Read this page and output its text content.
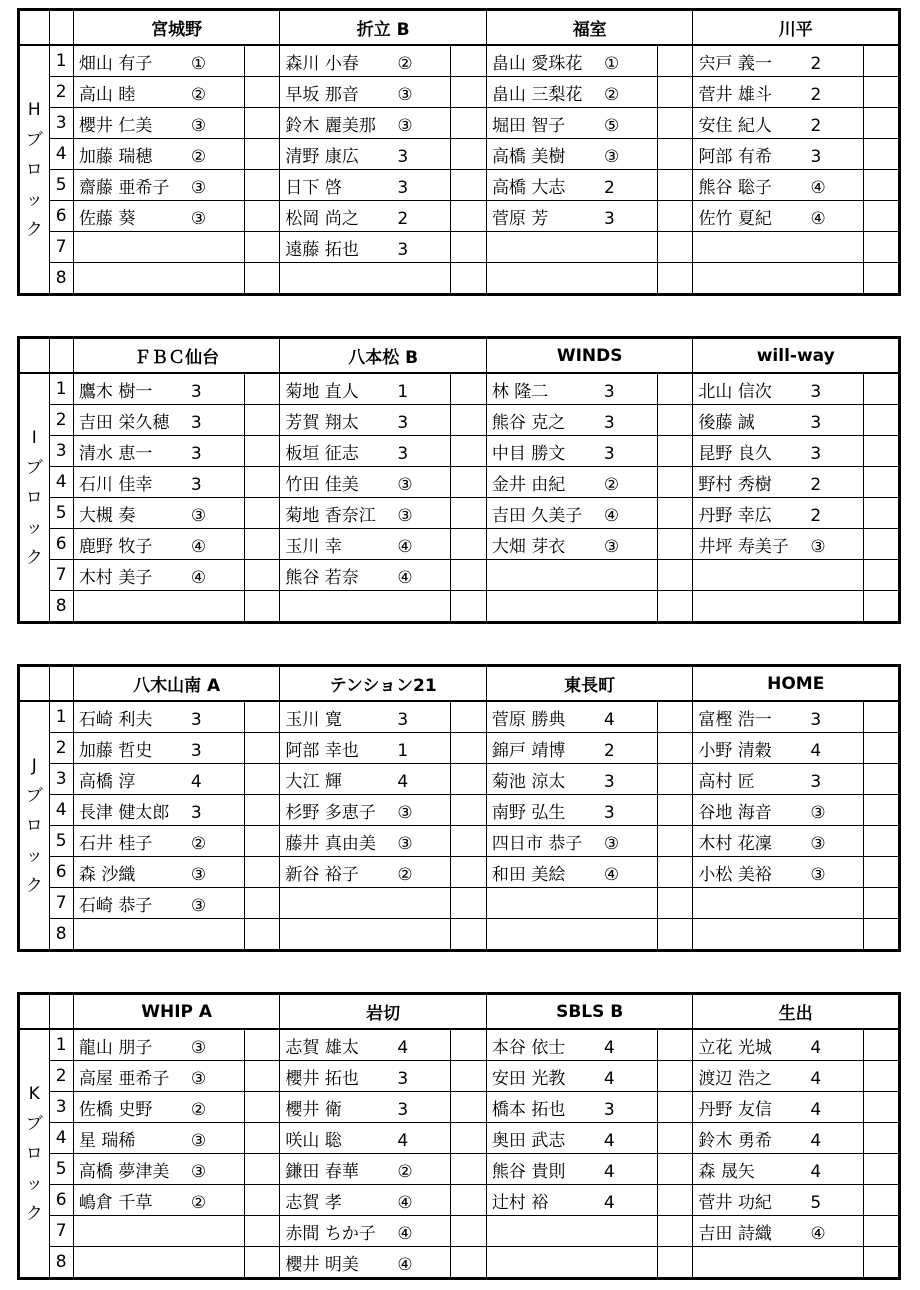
		宮城野		折立 B		福室		川平	

H
ブ
ロ
ッ
ク	1	畑山 有子 ①		森川 小春 ②		畠山 愛珠花 ①		宍戸 義一 2	
	2	高山 睦 ②		早坂 那音 ③		畠山 三梨花 ②		菅井 雄斗 2	
	3	櫻井 仁美 ③		鈴木 麗美那 ③		堀田 智子 ⑤		安住 紀人 2	
	4	加藤 瑞穂 ②		清野 康広 3		高橋 美樹 ③		阿部 有希 3	
	5	齋藤 亜希子 ③		日下 啓 3		高橋 大志 2		熊谷 聡子 ④	
	6	佐藤 葵 ③		松岡 尚之 2		菅原 芳 3		佐竹 夏紀 ④	
	7			遠藤 拓也 3					
	8								
		ＦＢＣ仙台		八本松 B		WINDS		will-way	

I
ブ
ロ
ッ
ク	1	鷹木 樹一 3		菊地 直人 1		林 隆二 3		北山 信次 3	
	2	吉田 栄久穂 3		芳賀 翔太 3		熊谷 克之 3		後藤 誠 3	
	3	清水 恵一 3		板垣 征志 3		中目 勝文 3		昆野 良久 3	
	4	石川 佳幸 3		竹田 佳美 ③		金井 由紀 ②		野村 秀樹 2	
	5	大槻 奏 ③		菊地 香奈江 ③		吉田 久美子 ④		丹野 幸広 2	
	6	鹿野 牧子 ④		玉川 幸 ④		大畑 芽衣 ③		井坪 寿美子 ③	
	7	木村 美子 ④		熊谷 若奈 ④					
	8								
		八木山南 A		テンション21		東長町		HOME	

J
ブ
ロ
ッ
ク	1	石崎 利夫 3		玉川 寛 3		菅原 勝典 4		富樫 浩一 3	
	2	加藤 哲史 3		阿部 幸也 1		錦戸 靖博 2		小野 清穀 4	
	3	高橋 淳 4		大江 輝 4		菊池 涼太 3		高村 匠 3	
	4	長津 健太郎 3		杉野 多恵子 ③		南野 弘生 3		谷地 海音 ③	
	5	石井 桂子 ②		藤井 真由美 ③		四日市 恭子 ③		木村 花凜 ③	
	6	森 沙織 ③		新谷 裕子 ②		和田 美絵 ④		小松 美裕 ③	
	7	石崎 恭子 ③							
	8								
		WHIP A		岩切		SBLS B		生出	

K
ブ
ロ
ッ
ク	1	龍山 朋子 ③		志賀 雄太 4		本谷 依士 4		立花 光城 4	
	2	高屋 亜希子 ③		櫻井 拓也 3		安田 光教 4		渡辺 浩之 4	
	3	佐橋 史野 ②		櫻井 衛 3		橋本 拓也 3		丹野 友信 4	
	4	星 瑞稀 ③		咲山 聡 4		奥田 武志 4		鈴木 勇希 4	
	5	高橋 夢津美 ③		鎌田 春華 ②		熊谷 貴則 4		森 晟矢 4	
	6	嶋倉 千草 ②		志賀 孝 ④		辻村 裕 4		菅井 功紀 5	
	7			赤間 ちか子 ④				吉田 詩織 ④	
	8			櫻井 明美 ④					
